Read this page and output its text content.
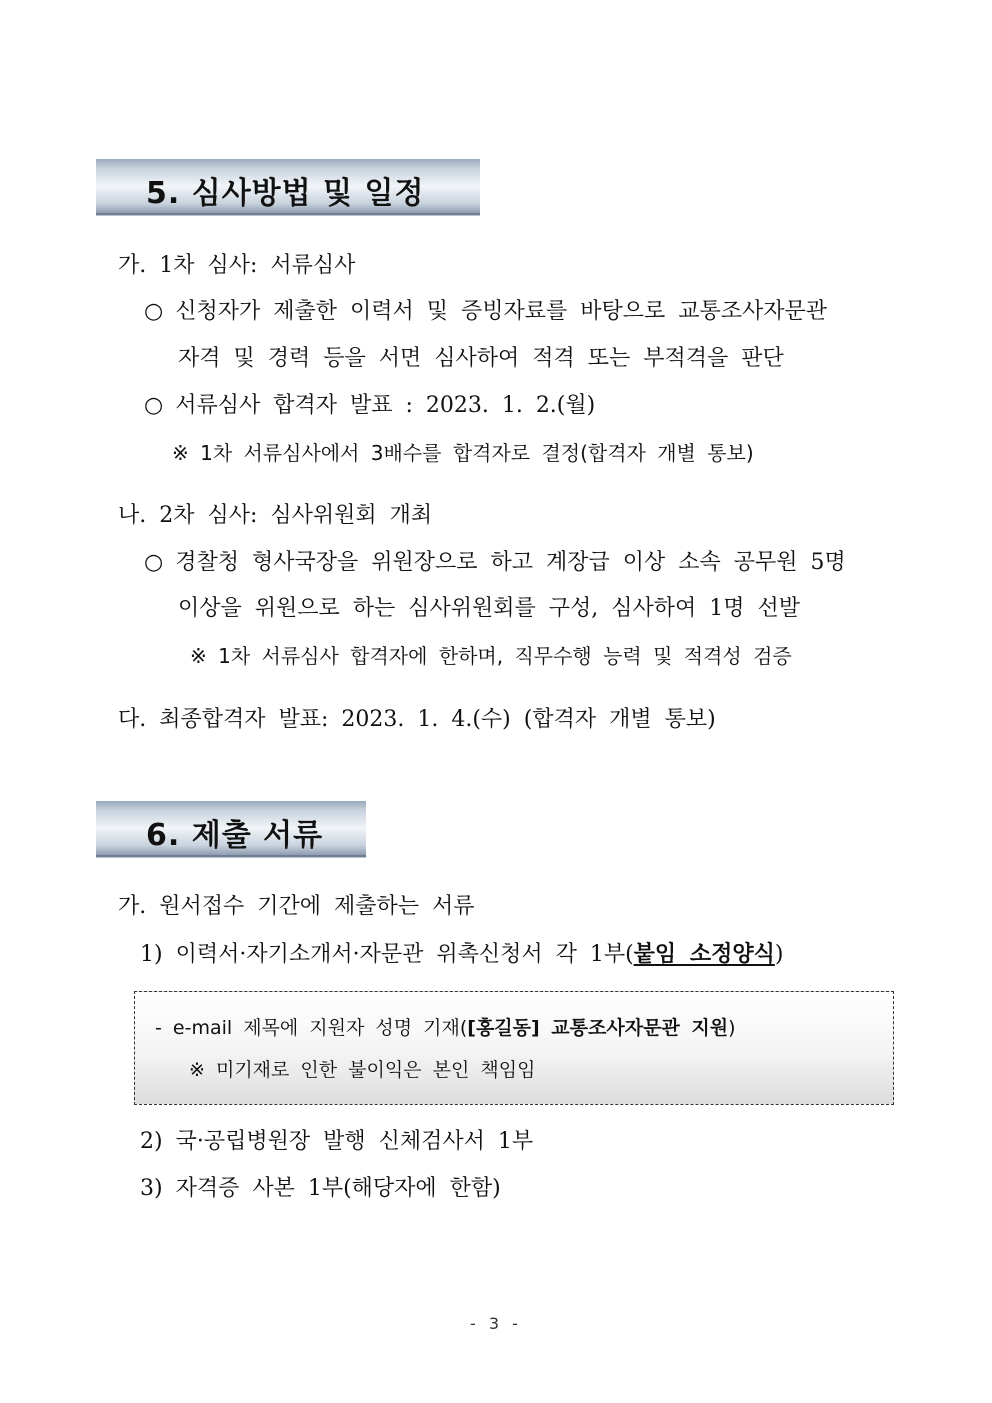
5. 심사방법 및 일정
가. 1차 심사: 서류심사
○ 신청자가 제출한 이력서 및 증빙자료를 바탕으로 교통조사자문관
자격 및 경력 등을 서면 심사하여 적격 또는 부적격을 판단
○ 서류심사 합격자 발표 : 2023. 1. 2.(월)
※ 1차 서류심사에서 3배수를 합격자로 결정(합격자 개별 통보)
나. 2차 심사: 심사위원회 개최
○ 경찰청 형사국장을 위원장으로 하고 계장급 이상 소속 공무원 5명
이상을 위원으로 하는 심사위원회를 구성, 심사하여 1명 선발
※ 1차 서류심사 합격자에 한하며, 직무수행 능력 및 적격성 검증
다. 최종합격자 발표: 2023. 1. 4.(수) (합격자 개별 통보)
6. 제출 서류
가. 원서접수 기간에 제출하는 서류
1) 이력서·자기소개서·자문관 위촉신청서 각 1부(붙임 소정양식)
- e-mail 제목에 지원자 성명 기재([홍길동] 교통조사자문관 지원)
※ 미기재로 인한 불이익은 본인 책임임
2) 국·공립병원장 발행 신체검사서 1부
3) 자격증 사본 1부(해당자에 한함)
- 3 -
